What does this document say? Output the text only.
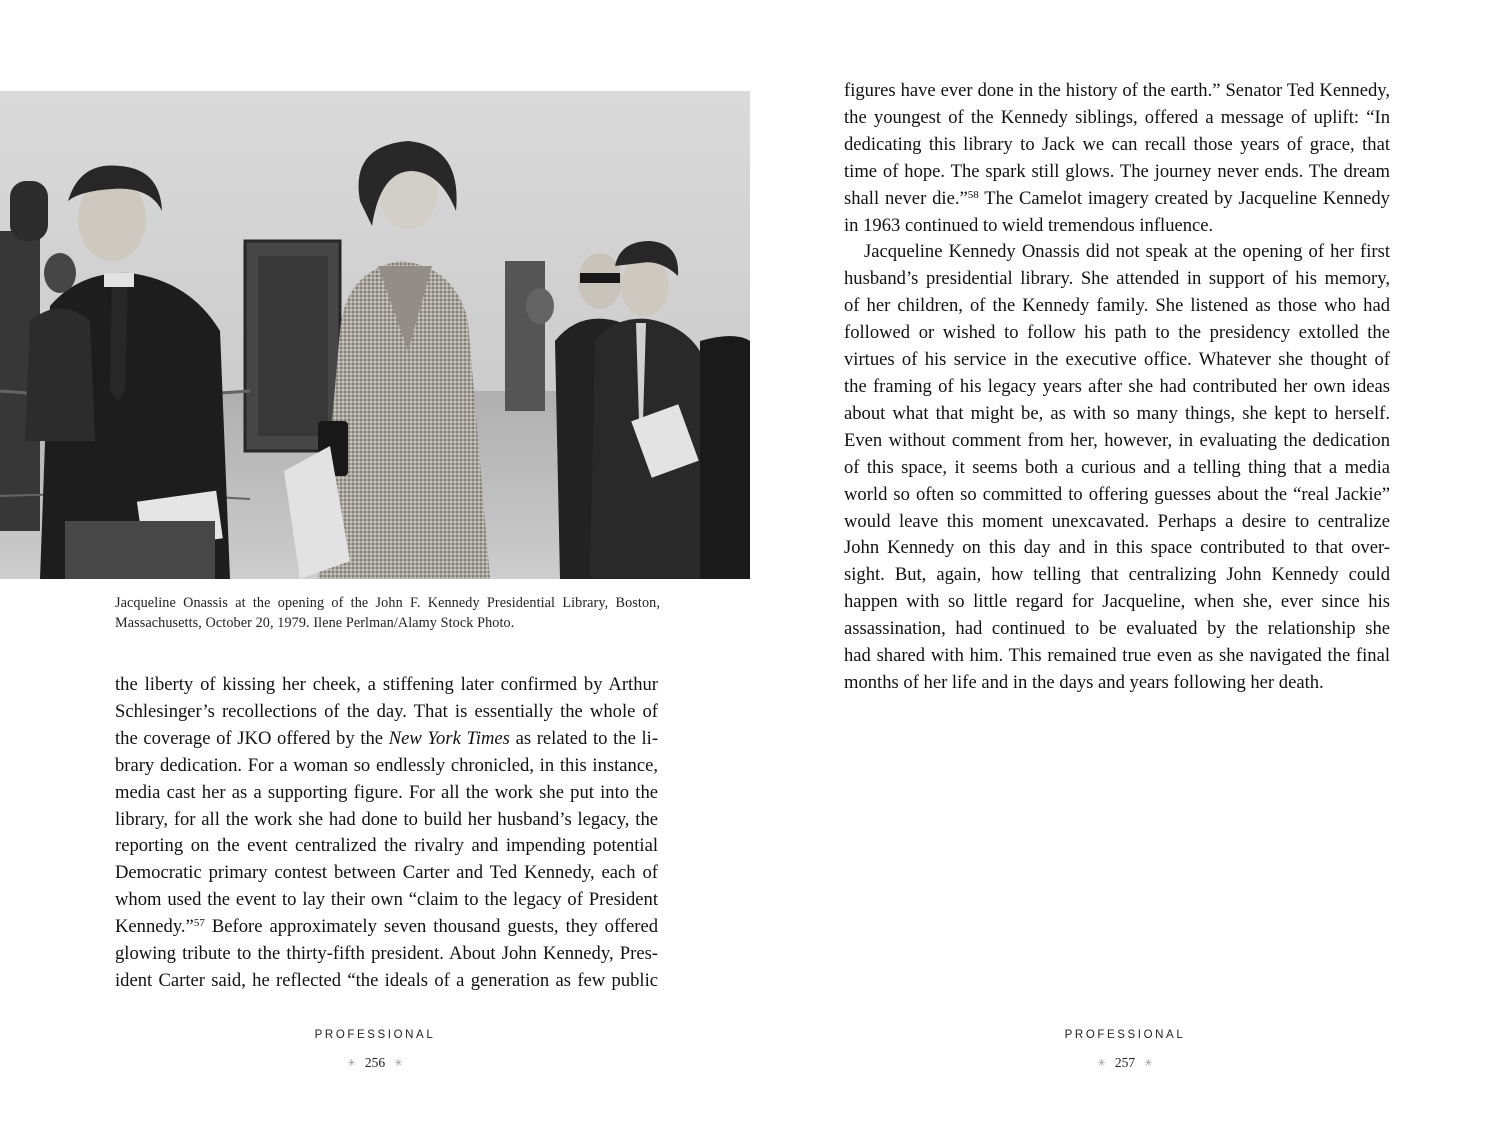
Jacqueline Onassis at the opening of the John F. Kennedy Presidential Library, Boston,
Massachusetts, October 20, 1979. Ilene Perlman/Alamy Stock Photo.
the liberty of kissing her cheek, a stiffening later confirmed by Arthur
Schlesinger’s recollections of the day. That is essentially the whole of
the coverage of JKO offered by the New York Times as related to the li-
brary dedication. For a woman so endlessly chronicled, in this instance,
media cast her as a supporting figure. For all the work she put into the
library, for all the work she had done to build her husband’s legacy, the
reporting on the event centralized the rivalry and impending potential
Democratic primary contest between Carter and Ted Kennedy, each of
whom used the event to lay their own “claim to the legacy of President
Kennedy.”$^{57}$ Before approximately seven thousand guests, they offered
glowing tribute to the thirty-fifth president. About John Kennedy, Pres-
ident Carter said, he reflected “the ideals of a generation as few public
PROFESSIONAL
✳ 256 ✳
figures have ever done in the history of the earth.” Senator Ted Kennedy,
the youngest of the Kennedy siblings, offered a message of uplift: “In
dedicating this library to Jack we can recall those years of grace, that
time of hope. The spark still glows. The journey never ends. The dream
shall never die.”$^{58}$ The Camelot imagery created by Jacqueline Kennedy
in 1963 continued to wield tremendous influence.
Jacqueline Kennedy Onassis did not speak at the opening of her first
husband’s presidential library. She attended in support of his memory,
of her children, of the Kennedy family. She listened as those who had
followed or wished to follow his path to the presidency extolled the
virtues of his service in the executive office. Whatever she thought of
the framing of his legacy years after she had contributed her own ideas
about what that might be, as with so many things, she kept to herself.
Even without comment from her, however, in evaluating the dedication
of this space, it seems both a curious and a telling thing that a media
world so often so committed to offering guesses about the “real Jackie”
would leave this moment unexcavated. Perhaps a desire to centralize
John Kennedy on this day and in this space contributed to that over-
sight. But, again, how telling that centralizing John Kennedy could
happen with so little regard for Jacqueline, when she, ever since his
assassination, had continued to be evaluated by the relationship she
had shared with him. This remained true even as she navigated the final
months of her life and in the days and years following her death.
PROFESSIONAL
✳ 257 ✳
